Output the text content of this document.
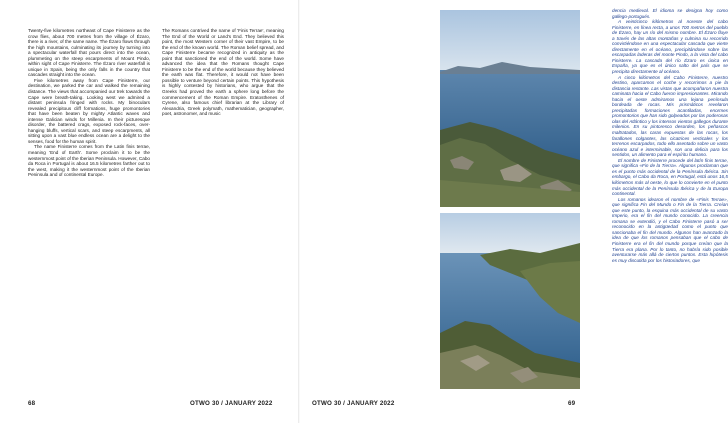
Twenty-five kilometres northeast of Cape Finisterre as the crow flies, about 700 metres from the village of Ézaro, there is a river, of the same name. The Ézaro flows through the high mountains, culminating its journey by turning into a spectacular waterfall that pours direct into the ocean, plummeting on the steep escarpments of Mount Pindo, within sight of Cape Finisterre. The Ézaro river waterfall is unique in Spain, being the only falls in the country that cascades straight into the ocean.

Five kilometres away from Cape Finisterre, our destination, we parked the car and walked the remaining distance. The views that accompanied our trek towards the Cape were breath-taking. Looking west we admired a distant peninsula fringed with rocks. My binoculars revealed precipitous cliff formations, huge promontories that have been beaten by mighty Atlantic waves and intense Galician winds for Millenia. In their picturesque disorder, the battered crags, exposed rock-faces, over-hanging bluffs, vertical scars, and steep escarpments, all sitting upon a vast blue endless ocean are a delight to the senses, food for the human spirit.

The name Finisterre comes from the Latin finis terrae, meaning 'End of Earth'. Some proclaim it to be the westernmost point of the Iberian Peninsula. However, Cabo da Roca in Portugal is about 16.5 kilometres farther out to the west, making it the westernmost point of the Iberian Peninsula and of continental Europe.

The Romans contrived the name of 'Finis Terrae', meaning The End of the World or Land's End. They believed this point, the most Western corner of their vast Empire, to be the end of the known world. The Roman belief spread, and Cape Finisterre became recognized in antiquity as the point that sanctioned the end of the world. Some have advanced the idea that the Romans thought Cape Finisterre to be the end of the world because they believed the earth was flat. Therefore, it would not have been possible to venture beyond certain points. This hypothesis is highly contested by historians, who argue that the Greeks had proved the earth a sphere long before the commencement of the Roman Empire. Eratosthenes of Cyrene, also famous chief librarian at the Library of Alexandria, Greek polymath, mathematician, geographer, poet, astronomer, and music

68	OTWO 30 / JANUARY 2022

dencia medieval. El idioma se designa hoy como gallego-portugués.

A veinticinco kilómetros al noreste del cabo Finisterre, en línea recta, a unos 700 metros del pueblo de Ézaro, hay un río del mismo nombre. El Ézaro fluye a través de las altas montañas y culmina su recorrido convirtiéndose en una espectacular cascada que vierte directamente en el océano, precipitándose sobre las escarpadas laderas del monte Pindo, a la vista del cabo Finisterre. La cascada del río Ézaro es única en España, ya que es el único salto del país que se precipita directamente al océano.

A cinco kilómetros del Cabo Finisterre, nuestro destino, aparcamos el coche y recorrimos a pie la distancia restante. Las vistas que acompañaron nuestra caminata hacia el Cabo fueron impresionantes. Mirando hacia el oeste admiramos una lejana península bordeada de rocas. Mis prismáticos revelaron precipitadas formaciones acantiladas, enormes promontorios que han sido golpeados por las poderosas olas del Atlántico y los intensos vientos gallegos durante milenios. En su pintoresco desorden, los peñascos maltratados, las caras expuestas de las rocas, los farallones colgantes, las cicatrices verticales y los terrenos escarpados, todo ello asentado sobre un vasto océano azul e interminable, son una delicia para los sentidos, un alimento para el espíritu humano.

El nombre de Finisterre procede del latín finis terrae, que significa «Fin de la Tierra». Algunos proclaman que es el punto más occidental de la Península Ibérica. Sin embargo, el Cabo da Roca, en Portugal, está unos 16,5 kilómetros más al oeste, lo que lo convierte en el punto más occidental de la Península Ibérica y de la Europa continental.

Los romanos idearon el nombre de «Finis Terrae», que significa Fin del Mundo o Fin de la Tierra. Creían que este punto, la esquina más occidental de su vasto Imperio, era el fin del mundo conocido. La creencia romana se extendió, y el Cabo Finisterre pasó a ser reconocido en la antigüedad como el punto que sancionaba el fin del mundo. Algunos han avanzado la idea de que los romanos pensaban que el cabo de Finisterre era el fin del mundo porque creían que la Tierra era plana. Por lo tanto, no habría sido posible aventurarse más allá de ciertos puntos. Esta hipótesis es muy discutida por los historiadores, que

OTWO 30 / JANUARY 2022	69
